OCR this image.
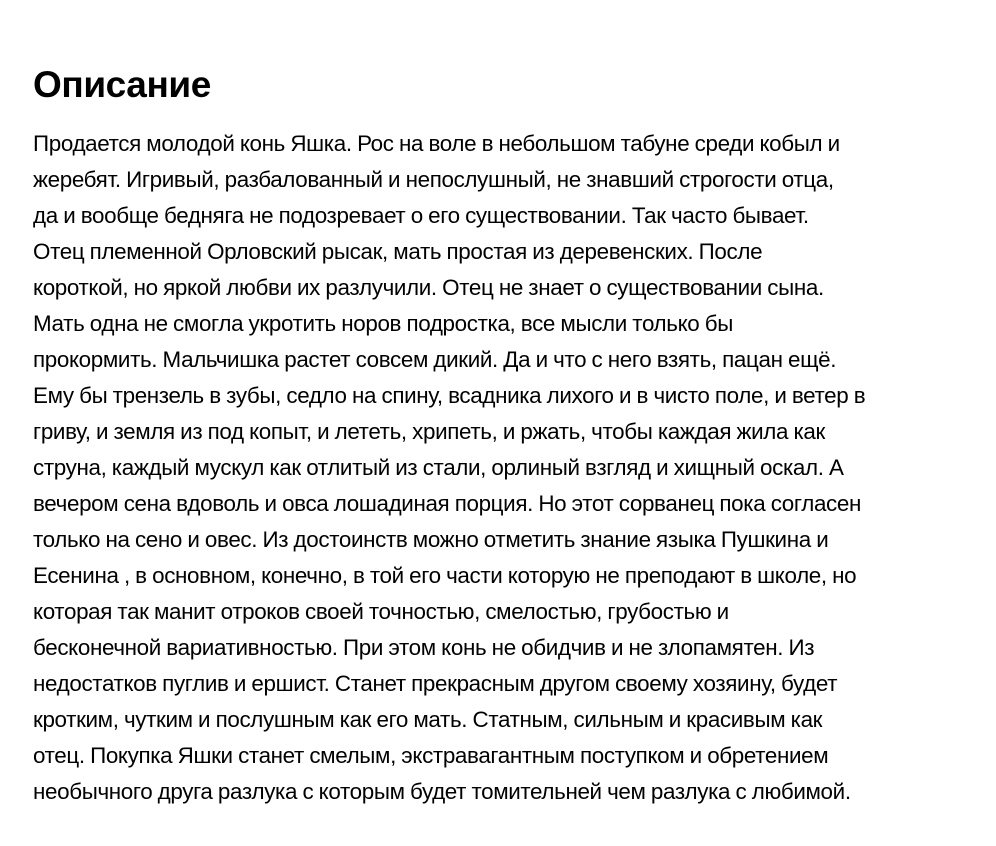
Описание
Продается молодой конь Яшка. Рос на воле в небольшом табуне среди кобыл и
жеребят. Игривый, разбалованный и непослушный, не знавший строгости отца,
да и вообще бедняга не подозревает о его существовании. Так часто бывает.
Отец племенной Орловский рысак, мать простая из деревенских. После
короткой, но яркой любви их разлучили. Отец не знает о существовании сына.
Мать одна не смогла укротить норов подростка, все мысли только бы
прокормить. Мальчишка растет совсем дикий. Да и что с него взять, пацан ещё.
Ему бы трензель в зубы, седло на спину, всадника лихого и в чисто поле, и ветер в
гриву, и земля из под копыт, и лететь, хрипеть, и ржать, чтобы каждая жила как
струна, каждый мускул как отлитый из стали, орлиный взгляд и хищный оскал. А
вечером сена вдоволь и овса лошадиная порция. Но этот сорванец пока согласен
только на сено и овес. Из достоинств можно отметить знание языка Пушкина и
Есенина , в основном, конечно, в той его части которую не преподают в школе, но
которая так манит отроков своей точностью, смелостью, грубостью и
бесконечной вариативностью. При этом конь не обидчив и не злопамятен. Из
недостатков пуглив и ершист. Станет прекрасным другом своему хозяину, будет
кротким, чутким и послушным как его мать. Статным, сильным и красивым как
отец. Покупка Яшки станет смелым, экстравагантным поступком и обретением
необычного друга разлука с которым будет томительней чем разлука с любимой.
